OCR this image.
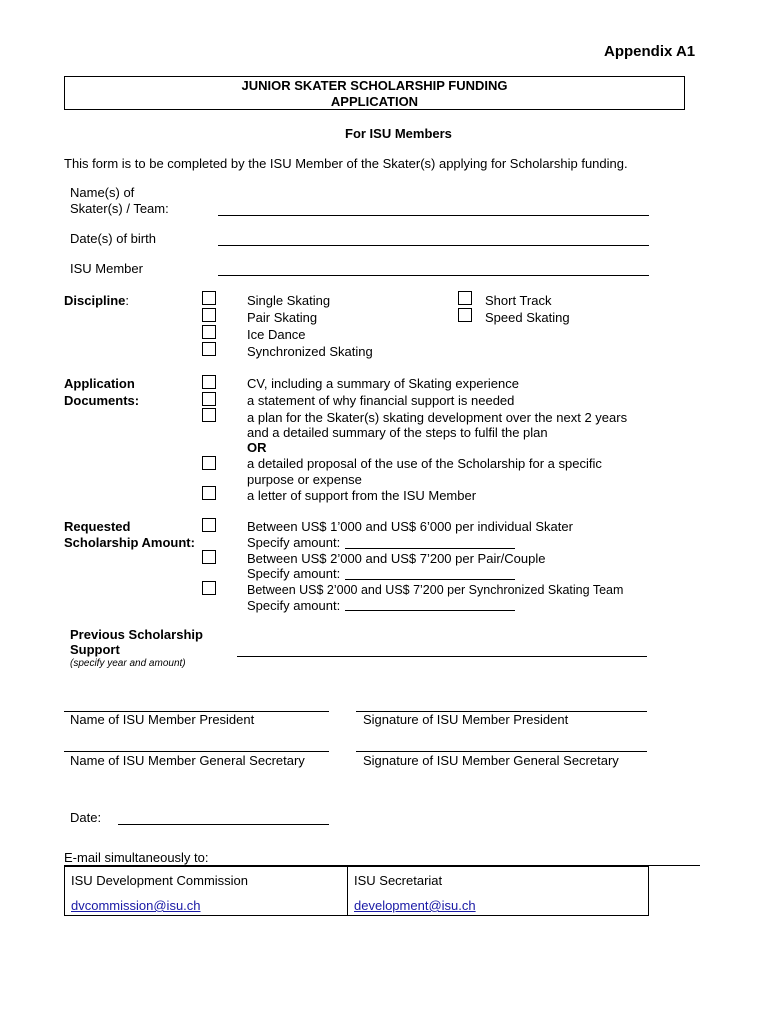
Appendix A1
JUNIOR SKATER SCHOLARSHIP FUNDING
APPLICATION
For ISU Members
This form is to be completed by the ISU Member of the Skater(s) applying for Scholarship funding.
Name(s) of
Skater(s) / Team:
Date(s) of birth
ISU Member
Discipline:	Single Skating
Pair Skating
Ice Dance
Synchronized Skating
Short Track
Speed Skating
Application
Documents:
CV, including a summary of Skating experience
a statement of why financial support is needed
a plan for the Skater(s) skating development over the next 2 years
and a detailed summary of the steps to fulfil the plan
OR
a detailed proposal of the use of the Scholarship for a specific
purpose or expense
a letter of support from the ISU Member
Requested
Scholarship Amount:
Between US$ 1’000 and US$ 6’000 per individual Skater
Specify amount:
Between US$ 2’000 and US$ 7’200 per Pair/Couple
Specify amount:
Between US$ 2’000 and US$ 7’200 per Synchronized Skating Team
Specify amount:
Previous Scholarship
Support
(specify year and amount)
Name of ISU Member President	Signature of ISU Member President
Name of ISU Member General Secretary	Signature of ISU Member General Secretary
Date:
E-mail simultaneously to:
ISU Development Commission	ISU Secretariat
dvcommission@isu.ch	development@isu.ch
